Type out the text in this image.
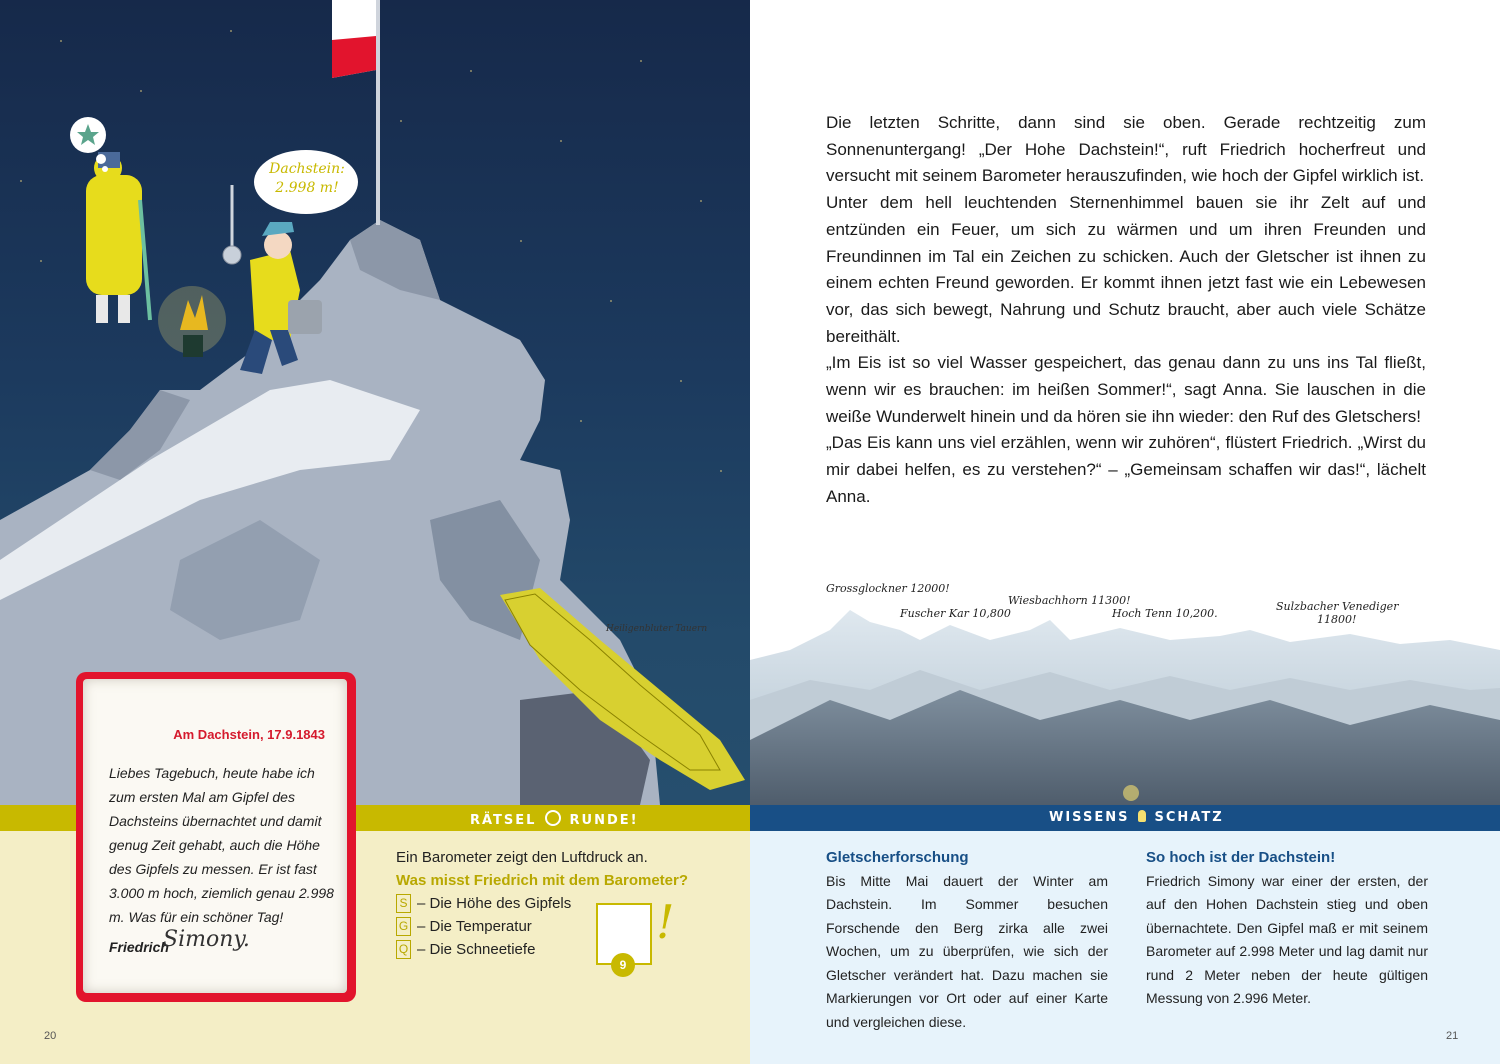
Dachstein:
2.998 m!
Heiligenbluter Tauern
Grossglockner 12000!
Fuscher Kar 10,800
Wiesbachhorn 11300!
Hoch Tenn 10,200.
Sulzbacher Venediger
11800!

Die letzten Schritte, dann sind sie oben. Gerade rechtzeitig zum Sonnenuntergang! „Der Hohe Dachstein!“, ruft Friedrich hocherfreut und versucht mit seinem Barometer herauszufinden, wie hoch der Gipfel wirklich ist.

Unter dem hell leuchtenden Sternenhimmel bauen sie ihr Zelt auf und entzünden ein Feuer, um sich zu wärmen und um ihren Freunden und Freundinnen im Tal ein Zeichen zu schicken. Auch der Gletscher ist ihnen zu einem echten Freund geworden. Er kommt ihnen jetzt fast wie ein Lebewesen vor, das sich bewegt, Nahrung und Schutz braucht, aber auch viele Schätze bereithält.

„Im Eis ist so viel Wasser gespeichert, das genau dann zu uns ins Tal fließt, wenn wir es brauchen: im heißen Sommer!“, sagt Anna. Sie lauschen in die weiße Wunderwelt hinein und da hören sie ihn wieder: den Ruf des Gletschers!

„Das Eis kann uns viel erzählen, wenn wir zuhören“, flüstert Friedrich. „Wirst du mir dabei helfen, es zu verstehen?“ – „Gemeinsam schaffen wir das!“, lächelt Anna.

RÄTSEL	RUNDE!	WISSENS SCHATZ
Ein Barometer zeigt den Luftdruck an.
Was misst Friedrich mit dem Barometer?
S – Die Höhe des Gipfels
G – Die Temperatur
Q – Die Schneetiefe
9
!
Gletscherforschung
Bis Mitte Mai dauert der Winter am Dachstein. Im Sommer besuchen Forschende den Berg zirka alle zwei Wochen, um zu überprüfen, wie sich der Gletscher verändert hat. Dazu machen sie Markierungen vor Ort oder auf einer Karte und vergleichen diese.
So hoch ist der Dachstein!
Friedrich Simony war einer der ersten, der auf den Hohen Dachstein stieg und oben übernachtete. Den Gipfel maß er mit seinem Barometer auf 2.998 Meter und lag damit nur rund 2 Meter neben der heute gültigen Messung von 2.996 Meter.
Am Dachstein, 17.9.1843
Liebes Tagebuch, heute habe ich zum ersten Mal am Gipfel des Dachsteins übernachtet und damit genug Zeit gehabt, auch die Höhe des Gipfels zu messen. Er ist fast 3.000 m hoch, ziemlich genau 2.998 m. Was für ein schöner Tag!
Friedrich
Simony.
20	21
